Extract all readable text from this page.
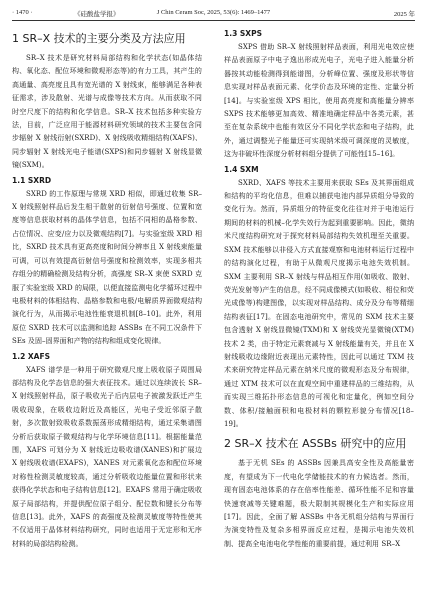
· 1470 ·	《硅酸盐学报》	J Chin Ceram Soc, 2025, 53(6): 1469–1477	2025 年
1 SR–X 技术的主要分类及方法应用

SR–X 技术是研究材料局部结构和化学状态(如晶体结构、氧化态、配位环境和微观形态等)的有力工具，其产生的高通量、高亮度且具有宽光谱的 X 射线束，能够满足各种表征需求，涉及散射、光谱与成像等技术方向。从而获取不同时空尺度下的结构和化学信息。SR–X 技术包括多种实验方法，目前，广泛应用于能源材料研究领域的技术主要包含同步辐射 X 射线衍射(SXRD)、X 射线吸收精细结构(XAFS)、同步辐射 X 射线光电子能谱(SXPS)和同步辐射 X 射线显微镜(SXM)。

1.1 SXRD

SXRD 的工作原理与常规 XRD 相似，即通过收集 SR–X 射线照射样品后发生相干散射的衍射信号强度、位置和宽度等信息获取材料的晶体学信息，包括不同相的晶格参数、占位情况、应变/应力以及微观结构[7]。与实验室级 XRD 相比，SXRD 技术具有更高亮度和时间分辨率且 X 射线束能量可调，可以有效提高衍射信号强度和检测效率，实现多相共存组分的精确检测及结构分析，高强度 SR–X 束使 SXRD 克服了实验室级 XRD 的局限，以便直接监测电化学循环过程中电极材料的体相结构、晶格参数和电极/电解质界面微观结构演化行为，从而揭示电池性能衰退机制[8–10]。此外，利用原位 SXRD 技术可以监测和追踪 ASSBs 在不同工况条件下 SEs 及固–固界面和产物的结构和组成变化规律。

1.2 XAFS

XAFS 谱学是一种用于研究微观尺度上吸收原子周围局部结构及化学态信息的强大表征技术。通过以连续波长 SR–X 射线照射样品，原子吸收光子后内层电子被激发跃迁产生吸收现象，在吸收边附近及高能区，光电子受近邻原子散射，多次散射致吸收系数振荡形成精细结构，通过采集谱图分析后获取原子微观结构与化学环境信息[11]。根据能量范围，XAFS 可划分为 X 射线近边吸收谱(XANES)和扩展边 X 射线吸收谱(EXAFS)，XANES 对元素氧化态和配位环境对称性检测灵敏度较高，通过分析吸收边能量位置和形状来获得化学状态和电子结构信息[12]。EXAFS 常用于确定吸收原子局部结构，并提供配位原子组分、配位数和键长分布等信息[13]。此外，XAFS 的高强度及检测灵敏度等特性使其不仅适用于晶体材料结构研究，同时也适用于无定形和无序材料的局部结构检测。

1.3 SXPS

SXPS 借助 SR–X 射线照射样品表面，利用光电效应使样品表面原子中电子逸出形成光电子，光电子进入能量分析器按其动能检测得到能谱图，分析峰位置、强度及形状等信息实现对样品表面元素、化学价态及环境的定性、定量分析[14]。与实验室级 XPS 相比，使用高亮度和高能量分辨率 SXPS 技术能够更加高效、精准地确定样品中各类元素，甚至在复杂系统中也能有效区分不同化学状态和电子结构，此外，通过调整光子能量还可实现纳米级可调深度的灵敏度，这为非破坏性深度分析材料组分提供了可能性[15–16]。

1.4 SXM

SXRD、XAFS 等技术主要用来获取 SEs 及其界面组成和结构的平均化信息，但难以捕获电池内部异质组分导致的变化行为。然而，异质组分的特征变化往往对并于电池运行期间的材料的机械–化学失效行为起到重要影响。因此，微纳米尺度结构研究对于探究材料局部结构失效机理至关重要。SXM 技术能够以非侵入方式直接观察和电池材料运行过程中的结构演化过程，有助于从微观尺度揭示电池失效机制。SXM 主要利用 SR–X 射线与样品相互作用(如吸收、散射、荧光发射等)产生的信息，经不同成像模式(如吸收、相位和荧光成像等)构建图像，以实现对样品结构、成分及分布等精细结构表征[17]。在固态电池研究中，常见的 SXM 技术主要包含透射 X 射线显微镜(TXM)和 X 射线荧光显微镜(XTM)技术 2 类，由于特定元素衰减与 X 射线能量有关，并且在 X 射线吸收边缘附近表现出元素特性，因此可以通过 TXM 技术来研究特定样品元素在纳米尺度的微观形态及分布规律，通过 XTM 技术可以在直观空间中重建样品的三维结构，从而实现三维拓扑形态信息的可视化和定量化，例如空间分数、体积/接触面积和电极材料的颗粒形貌分布情况[18–19]。

2 SR–X 技术在 ASSBs 研究中的应用

基于无机 SEs 的 ASSBs 因兼具高安全性及高能量密度，有望成为下一代电化学储能技术的有力候选者。然而，现有固态电池体系的存在倍率性能差、循环性能不足和容量快速衰减等关键难题，极大限制其规模化生产和实际应用[17]。因此，全面了解 ASSBs 中各无机组分结构与界面行为演变特性及复杂多相界面反应过程，是揭示电池失效机制、提高全电池电化学性能的重要前提，通过利用 SR–X
